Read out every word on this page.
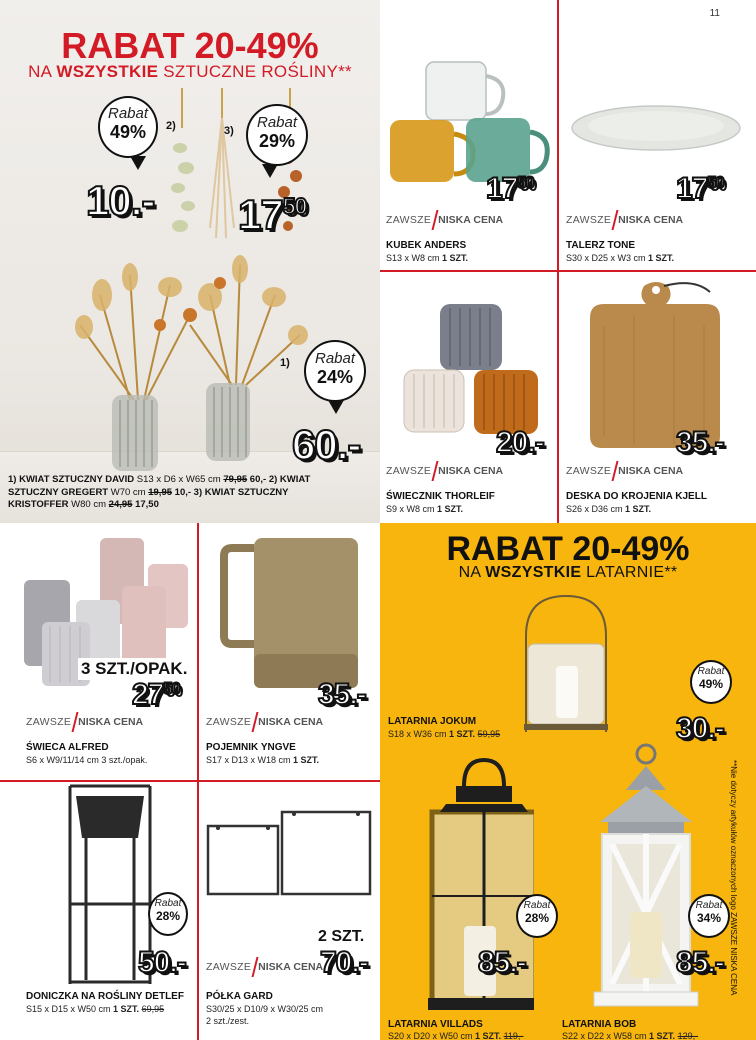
11
RABAT 20-49%
NA WSZYSTKIE SZTUCZNE ROŚLINY**
2)	3)
1)
Rabat
49%	Rabat
29%
Rabat
24%
10.- $17^{50}$
60.-
1) KWIAT SZTUCZNY DAVID S13 x D6 x W65 cm 79,95 60,- 2) KWIAT
SZTUCZNY GREGERT W70 cm 19,95 10,- 3) KWIAT SZTUCZNY
KRISTOFFER W80 cm 24,95 17,50
$17^{50}$
ZAWSZE NISKA CENA
KUBEK ANDERS
S13 x W8 cm 1 SZT.
$17^{50}$
ZAWSZE NISKA CENA
TALERZ TONE
S30 x D25 x W3 cm 1 SZT.
20.-
ZAWSZE NISKA CENA
ŚWIECZNIK THORLEIF
S9 x W8 cm 1 SZT.
35.-
ZAWSZE NISKA CENA
DESKA DO KROJENIA KJELL
S26 x D36 cm 1 SZT.
3 SZT./OPAK.
$27^{50}$
ZAWSZE NISKA CENA
ŚWIECA ALFRED
S6 x W9/11/14 cm 3 szt./opak.
35.-
ZAWSZE NISKA CENA
POJEMNIK YNGVE
S17 x D13 x W18 cm 1 SZT.
Rabat
28%
50.-
DONICZKA NA ROŚLINY DETLEF
S15 x D15 x W50 cm 1 SZT. 69,95
2 SZT.
ZAWSZE NISKA CENA
70.-
PÓŁKA GARD
S30/25 x D10/9 x W30/25 cm
2 szt./zest.
RABAT 20-49%
NA WSZYSTKIE LATARNIE**
Rabat
49%
30.-
LATARNIA JOKUM
S18 x W36 cm 1 SZT. 59,95
Rabat
28%
85.-
LATARNIA VILLADS
S20 x D20 x W50 cm 1 SZT. 119,-
Rabat
34%
85.-
LATARNIA BOB
S22 x D22 x W58 cm 1 SZT. 129,-
**Nie dotyczy artykułów oznaczonych logo ZAWSZE NISKA CENA
